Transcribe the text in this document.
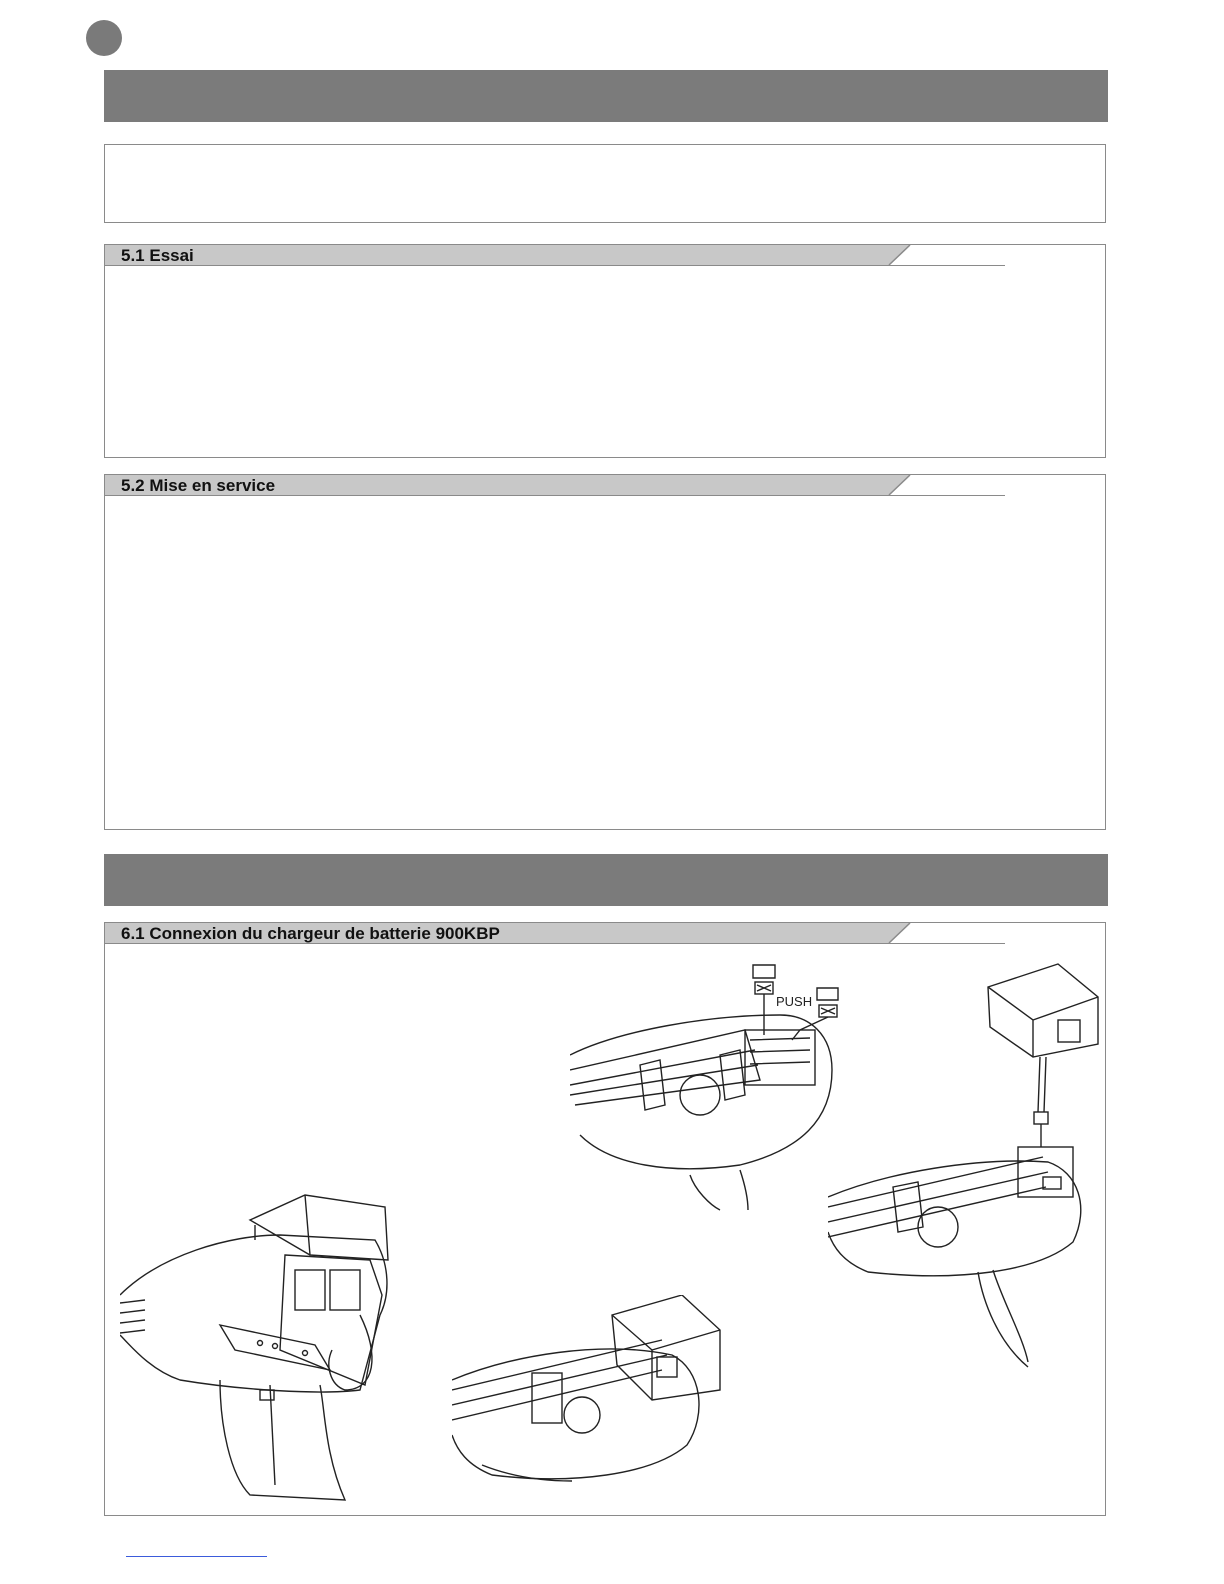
5.1 Essai
5.2 Mise en service
6.1 Connexion du chargeur de batterie 900KBP
PUSH
